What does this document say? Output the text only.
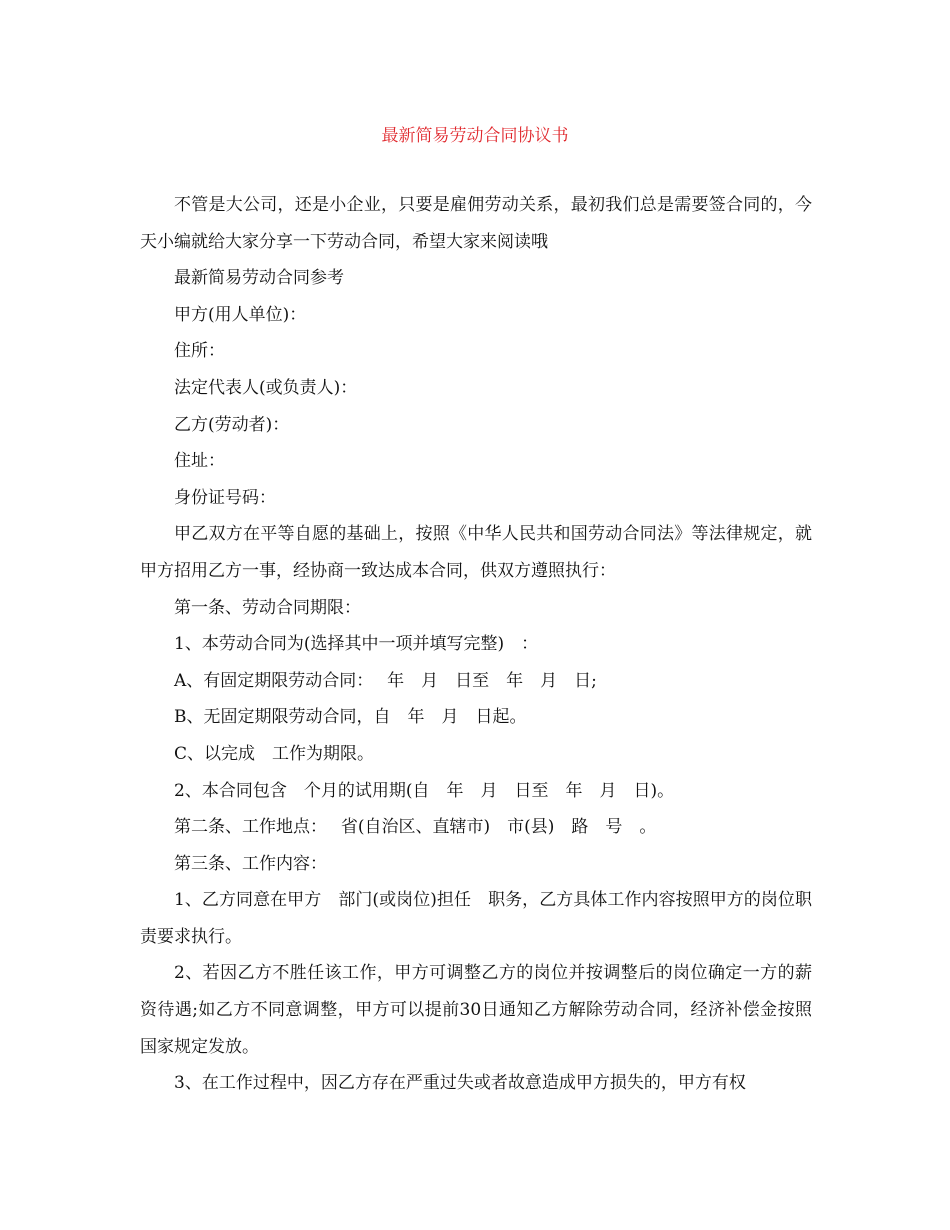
最新简易劳动合同协议书

不管是大公司，还是小企业，只要是雇佣劳动关系，最初我们总是需要签合同的，今天小编就给大家分享一下劳动合同，希望大家来阅读哦

最新简易劳动合同参考

甲方(用人单位)：

住所：

法定代表人(或负责人)：

乙方(劳动者)：

住址：

身份证号码：

甲乙双方在平等自愿的基础上，按照《中华人民共和国劳动合同法》等法律规定，就甲方招用乙方一事，经协商一致达成本合同，供双方遵照执行：

第一条、劳动合同期限：

1、本劳动合同为(选择其中一项并填写完整)　：

A、有固定期限劳动合同：　 年　月　日至　年　月　日;

B、无固定期限劳动合同，自　年　月　日起。

C、以完成　工作为期限。

2、本合同包含　个月的试用期(自　年　月　日至　年　月　日)。

第二条、工作地点：　 省(自治区、直辖市)　市(县)　路　号　。

第三条、工作内容：

1、乙方同意在甲方　部门(或岗位)担任　职务，乙方具体工作内容按照甲方的岗位职责要求执行。

2、若因乙方不胜任该工作，甲方可调整乙方的岗位并按调整后的岗位确定一方的薪资待遇;如乙方不同意调整，甲方可以提前30日通知乙方解除劳动合同，经济补偿金按照国家规定发放。

3、在工作过程中，因乙方存在严重过失或者故意造成甲方损失的，甲方有权
